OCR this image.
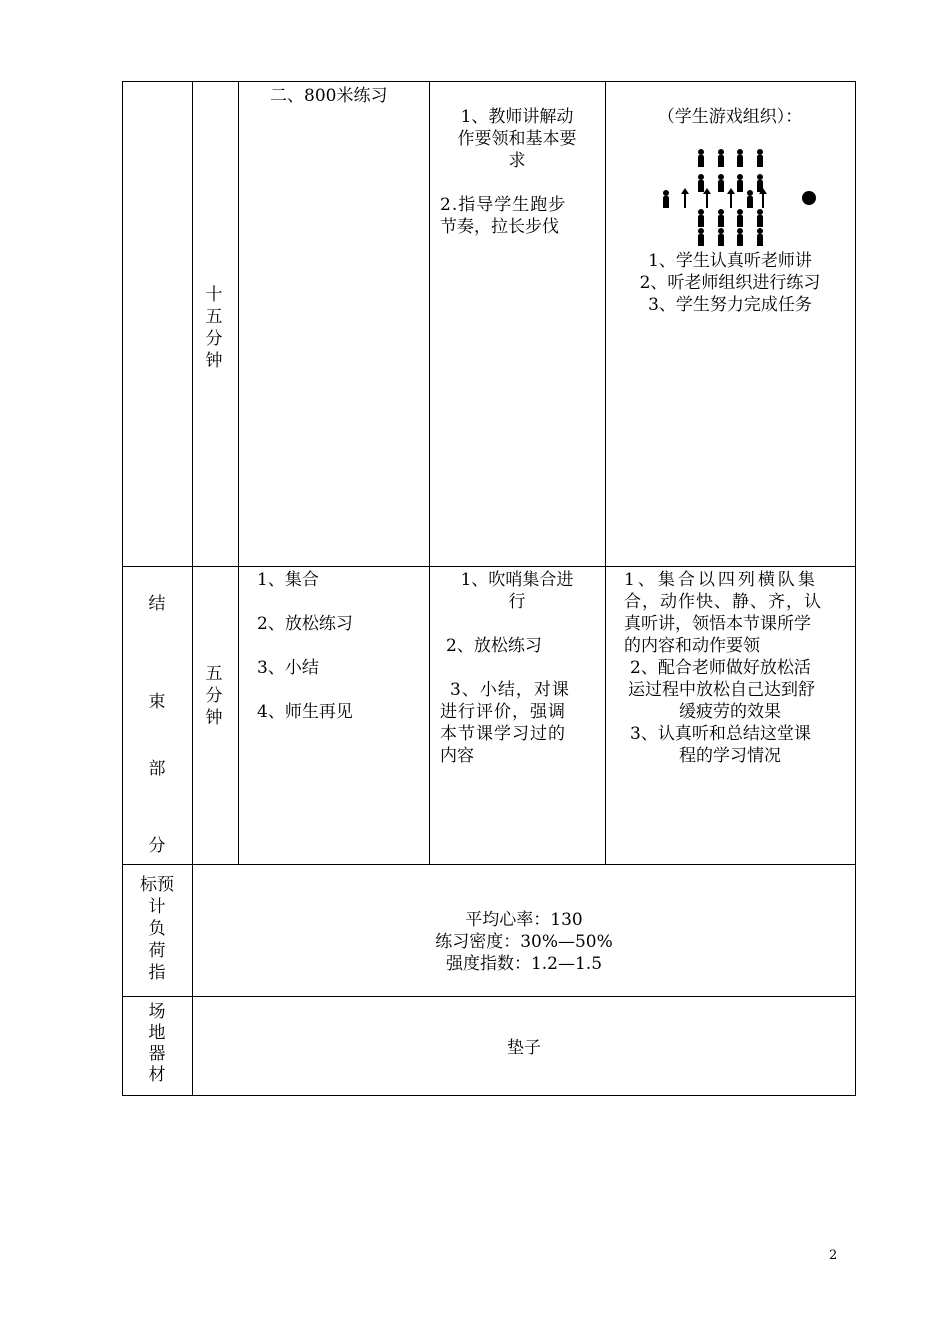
十
五
分
钟
二、800米练习
1、教师讲解动
作要领和基本要
求
2.指导学生跑步
节奏，拉长步伐
（学生游戏组织）：
1、学生认真听老师讲
2、听老师组织进行练习
3、学生努力完成任务
结
束
部
分
五
分
钟
1、集合
2、放松练习
3、小结
4、师生再见
1、吹哨集合进
行
2、放松练习
3、小结，对课
进行评价，强调
本节课学习过的
内容
1、集合以四列横队集
合，动作快、静、齐，认
真听讲，领悟本节课所学
的内容和动作要领
2、配合老师做好放松活
运过程中放松自己达到舒
缓疲劳的效果
3、认真听和总结这堂课
程的学习情况
标预
计
负
荷
指
平均心率：130
练习密度：30%—50%
强度指数：1.2—1.5
场
地
器
材
垫子
2
